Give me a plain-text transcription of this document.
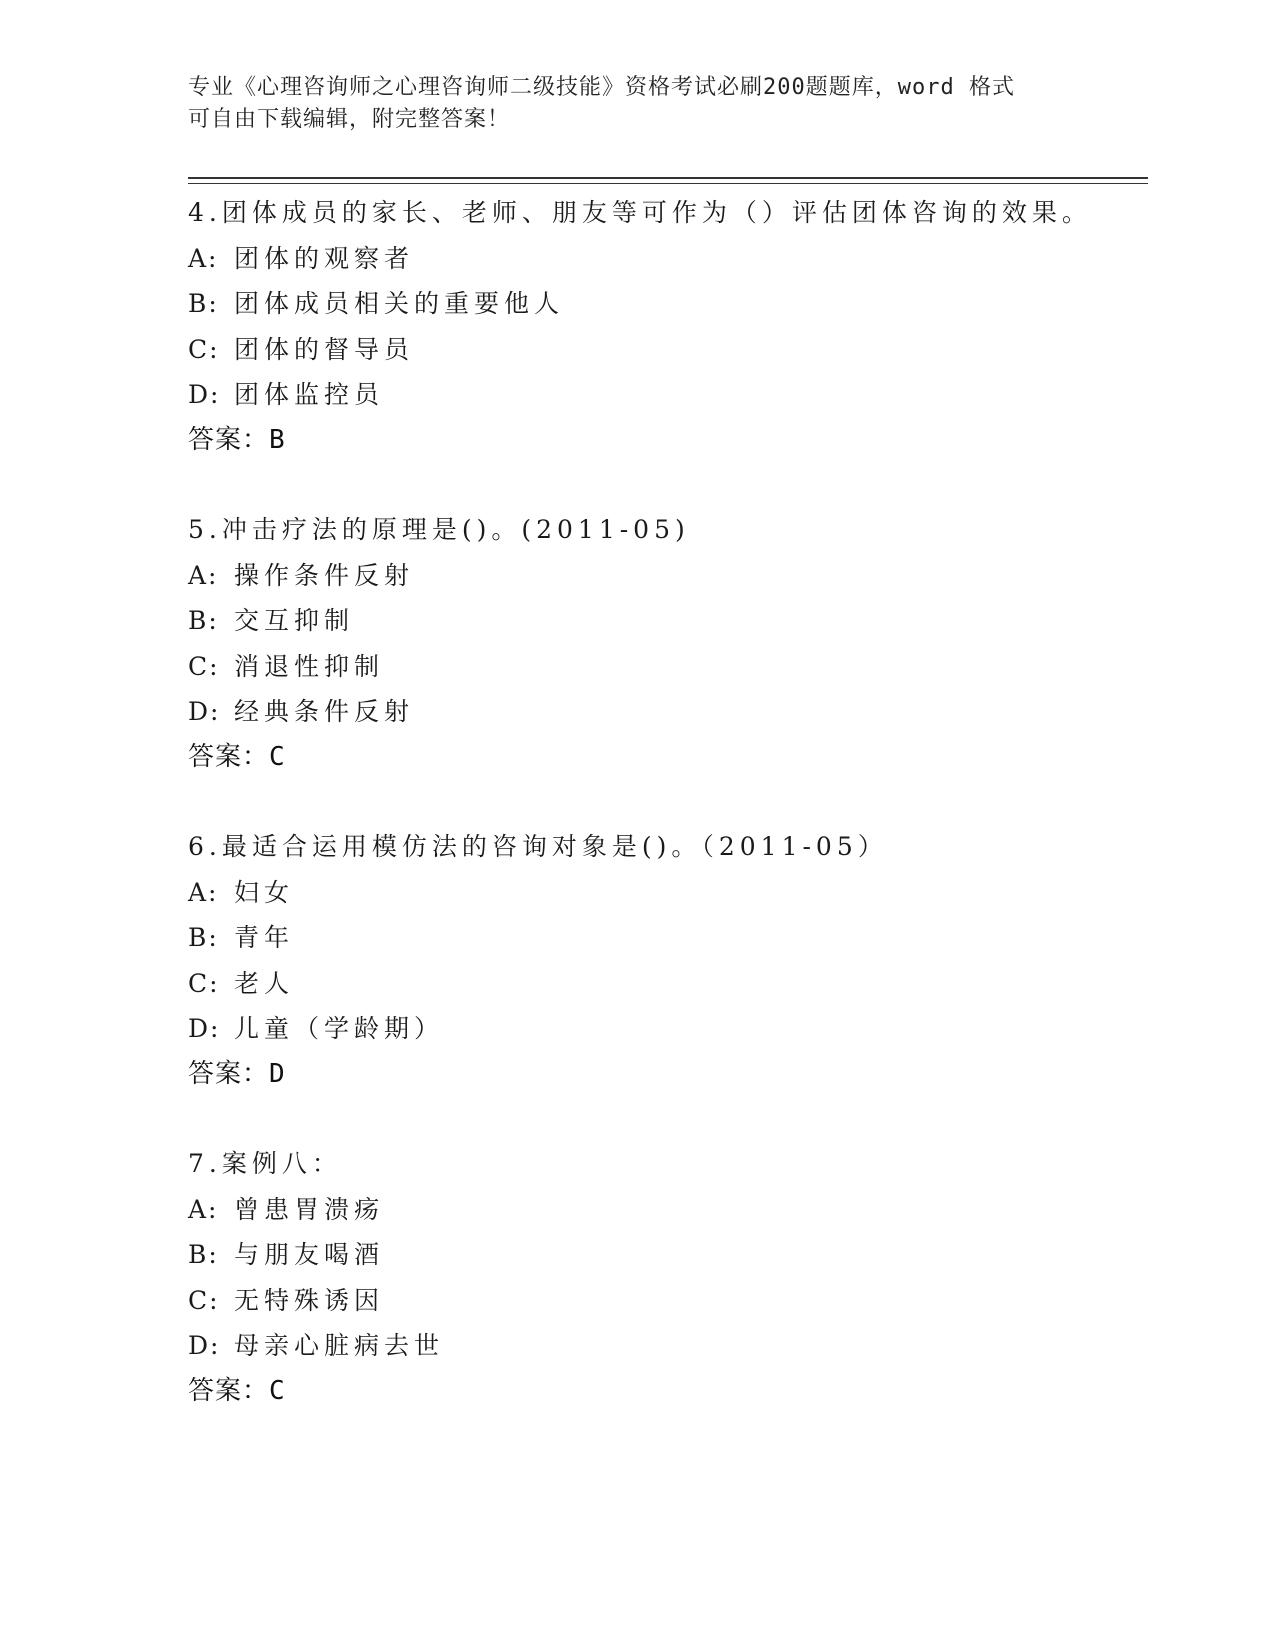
专业《心理咨询师之心理咨询师二级技能》资格考试必刷200题题库，word 格式
可自由下载编辑，附完整答案！
4.团体成员的家长、老师、朋友等可作为（）评估团体咨询的效果。
A: 团体的观察者
B: 团体成员相关的重要他人
C: 团体的督导员
D: 团体监控员
答案：B
5.冲击疗法的原理是()。(2011-05)
A: 操作条件反射
B: 交互抑制
C: 消退性抑制
D: 经典条件反射
答案：C
6.最适合运用模仿法的咨询对象是()。（2011-05）
A: 妇女
B: 青年
C: 老人
D: 儿童（学龄期）
答案：D
7.案例八：
A: 曾患胃溃疡
B: 与朋友喝酒
C: 无特殊诱因
D: 母亲心脏病去世
答案：C
